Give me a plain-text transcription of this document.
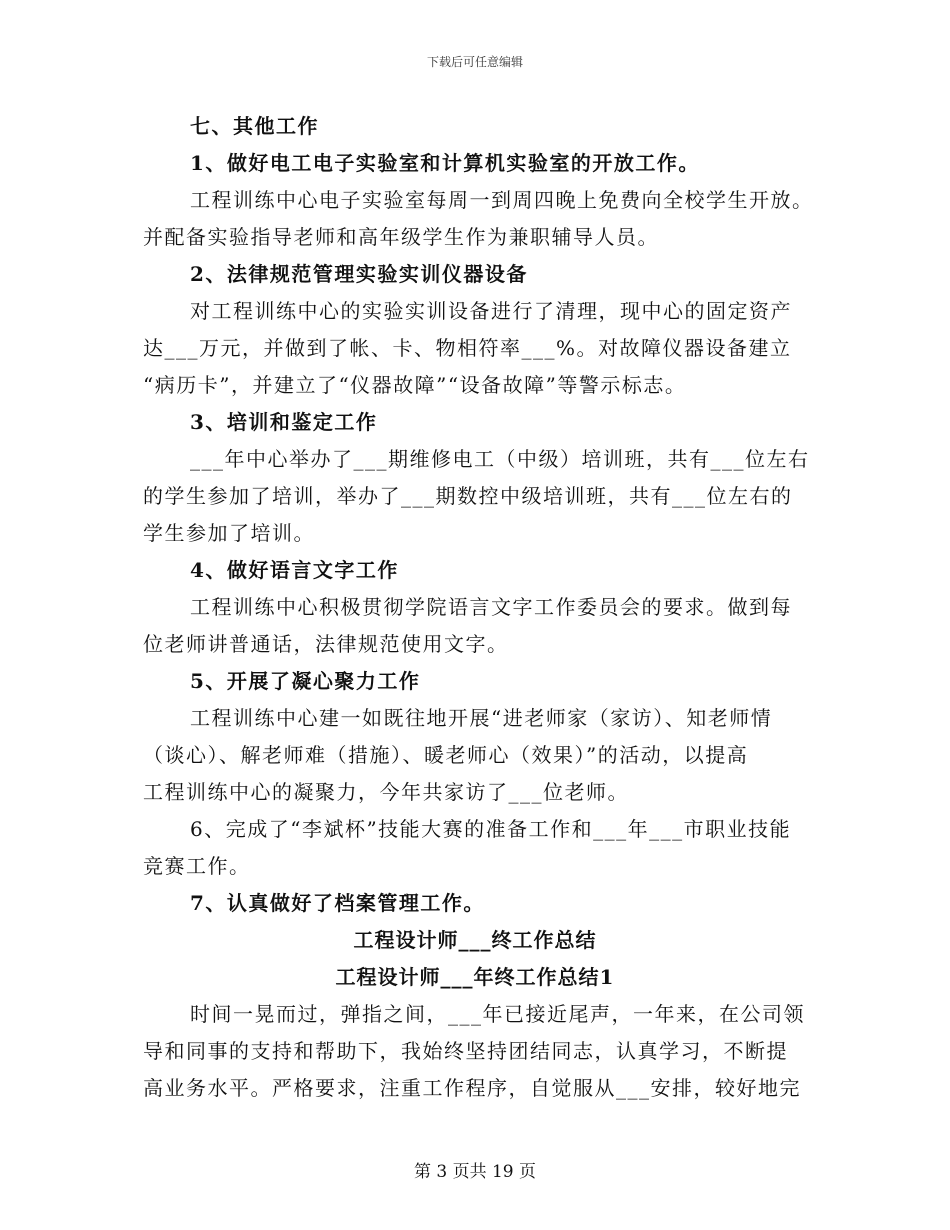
下载后可任意编辑
七、其他工作
1、做好电工电子实验室和计算机实验室的开放工作。
工程训练中心电子实验室每周一到周四晚上免费向全校学生开放。
并配备实验指导老师和高年级学生作为兼职辅导人员。
2、法律规范管理实验实训仪器设备
对工程训练中心的实验实训设备进行了清理，现中心的固定资产
达___万元，并做到了帐、卡、物相符率___%。对故障仪器设备建立
“病历卡”，并建立了“仪器故障”“设备故障”等警示标志。
3、培训和鉴定工作
___年中心举办了___期维修电工（中级）培训班，共有___位左右
的学生参加了培训，举办了___期数控中级培训班，共有___位左右的
学生参加了培训。
4、做好语言文字工作
工程训练中心积极贯彻学院语言文字工作委员会的要求。做到每
位老师讲普通话，法律规范使用文字。
5、开展了凝心聚力工作
工程训练中心建一如既往地开展“进老师家（家访）、知老师情
（谈心）、解老师难（措施）、暖老师心（效果）”的活动，以提高
工程训练中心的凝聚力，今年共家访了___位老师。
6、完成了“李斌杯”技能大赛的准备工作和___年___市职业技能
竞赛工作。
7、认真做好了档案管理工作。
工程设计师___终工作总结
工程设计师___年终工作总结1
时间一晃而过，弹指之间，___年已接近尾声，一年来，在公司领
导和同事的支持和帮助下，我始终坚持团结同志，认真学习，不断提
高业务水平。严格要求，注重工作程序，自觉服从___安排，较好地完
第 3 页共 19 页
